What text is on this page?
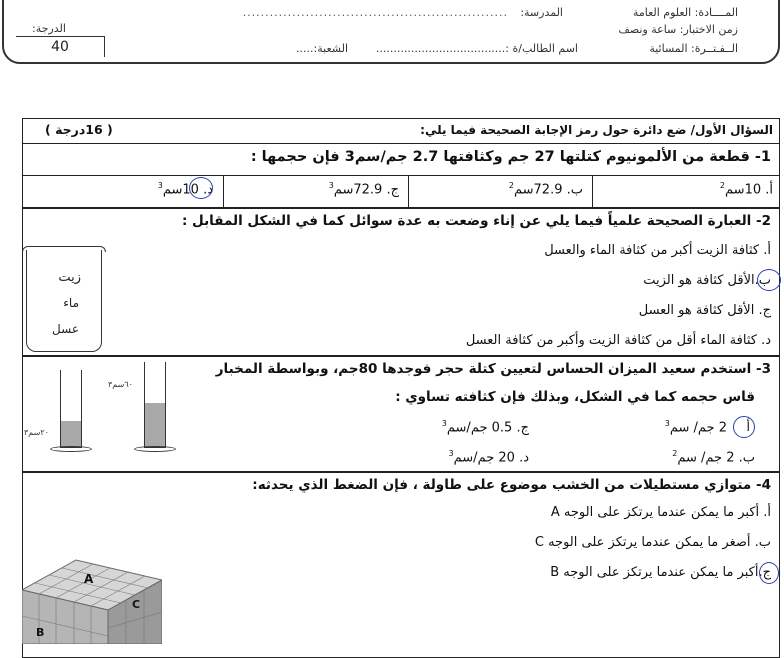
المــــادة: العلوم العامة
زمن الاختبار: ساعة ونصف
الــفـتــرة: المسائية
المدرسة:
...........................................................
اسم الطالب/ة :.....................................
الشعبة:.....
الدرجة:
40
السؤال الأول/ ضع دائرة حول رمز الإجابة الصحيحة فيما يلي:
( 16درجة )
1- قطعة من الألمونيوم كتلتها 27 جم وكثافتها 2.7 جم/سم3 فإن حجمها :
أ. 10سم$^2$
ب. 72.9سم$^2$
ج. 72.9سم$^3$
د. 10سم$^3$
2- العبارة الصحيحة علمياً فيما يلي عن إناء وضعت به عدة سوائل كما في الشكل المقابل :
أ. كثافة الزيت أكبر من كثافة الماء والعسل
ب.الأقل كثافة هو الزيت
ج. الأقل كثافة هو العسل
د. كثافة الماء أقل من كثافة الزيت وأكبر من كثافة العسل
3- استخدم سعيد الميزان الحساس لتعيين كتلة حجر فوجدها 80جم، وبواسطة المخبار
قاس حجمه كما في الشكل، وبذلك فإن كثافته تساوي :
2 جم/ سم$^3$	أ
ب. 2 جم/ سم$^2$
ج. 0.5 جم/سم$^3$
د. 20 جم/سم$^3$
4- متوازي مستطيلات من الخشب موضوع على طاولة ، فإن الضغط الذي يحدثه:
أ. أكبر ما يمكن عندما يرتكز على الوجه A
ب. أصغر ما يمكن عندما يرتكز على الوجه C
ج.أكبر ما يمكن عندما يرتكز على الوجه B
زيت
ماء
عسل
٢٠سم٣
٦٠سم٣
A
B
C
